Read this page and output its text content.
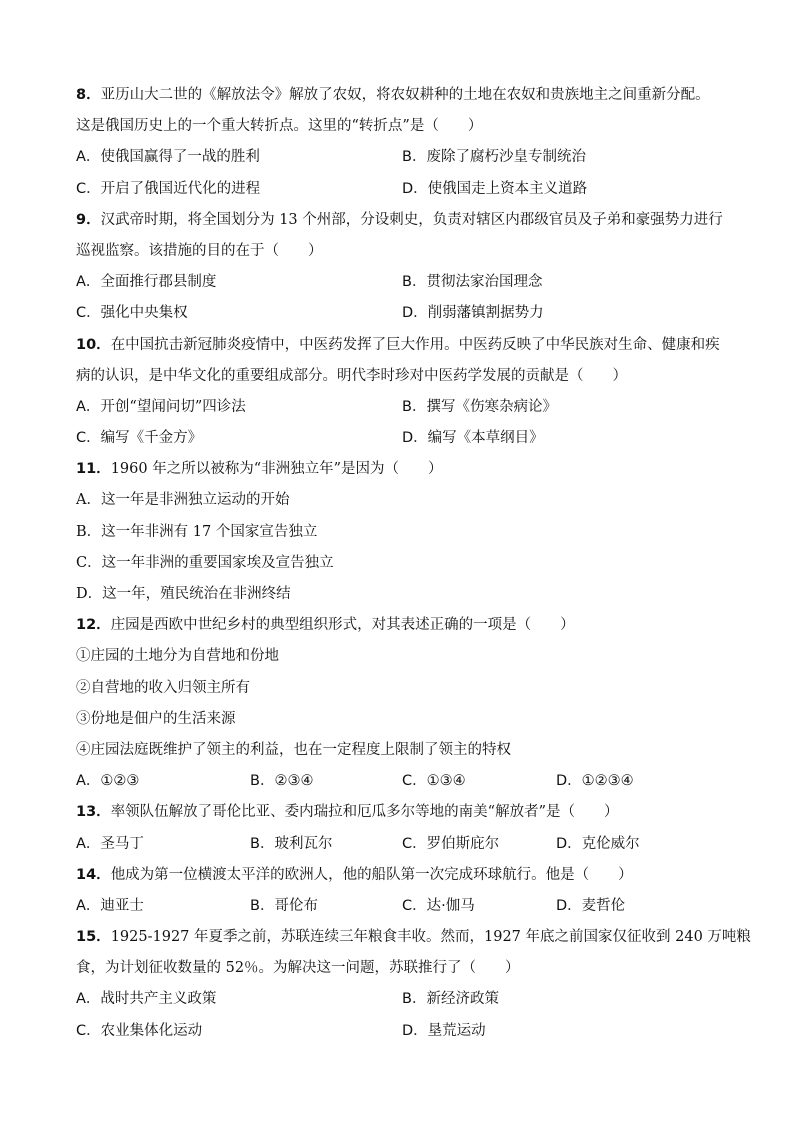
8．亚历山大二世的《解放法令》解放了农奴，将农奴耕种的土地在农奴和贵族地主之间重新分配。
这是俄国历史上的一个重大转折点。这里的“转折点”是（　　）
A．使俄国赢得了一战的胜利	B．废除了腐朽沙皇专制统治
C．开启了俄国近代化的进程	D．使俄国走上资本主义道路
9．汉武帝时期，将全国划分为 13 个州部，分设刺史，负责对辖区内郡级官员及子弟和豪强势力进行
巡视监察。该措施的目的在于（　　）
A．全面推行郡县制度	B．贯彻法家治国理念
C．强化中央集权	D．削弱藩镇割据势力
10．在中国抗击新冠肺炎疫情中，中医药发挥了巨大作用。中医药反映了中华民族对生命、健康和疾
病的认识，是中华文化的重要组成部分。明代李时珍对中医药学发展的贡献是（　　）
A．开创“望闻问切”四诊法	B．撰写《伤寒杂病论》
C．编写《千金方》	D．编写《本草纲目》
11．1960 年之所以被称为“非洲独立年”是因为（　　）
A．这一年是非洲独立运动的开始
B．这一年非洲有 17 个国家宣告独立
C．这一年非洲的重要国家埃及宣告独立
D．这一年，殖民统治在非洲终结
12．庄园是西欧中世纪乡村的典型组织形式，对其表述正确的一项是（　　）
①庄园的土地分为自营地和份地
②自营地的收入归领主所有
③份地是佃户的生活来源
④庄园法庭既维护了领主的利益，也在一定程度上限制了领主的特权
A．①②③	B．②③④	C．①③④	D．①②③④
13．率领队伍解放了哥伦比亚、委内瑞拉和厄瓜多尔等地的南美“解放者”是（　　）
A．圣马丁	B．玻利瓦尔	C．罗伯斯庇尔	D．克伦威尔
14．他成为第一位横渡太平洋的欧洲人，他的船队第一次完成环球航行。他是（　　）
A．迪亚士	B．哥伦布	C．达·伽马	D．麦哲伦
15．1925-1927 年夏季之前，苏联连续三年粮食丰收。然而，1927 年底之前国家仅征收到 240 万吨粮
食，为计划征收数量的 52％。为解决这一问题，苏联推行了（　　）
A．战时共产主义政策	B．新经济政策
C．农业集体化运动	D．垦荒运动
